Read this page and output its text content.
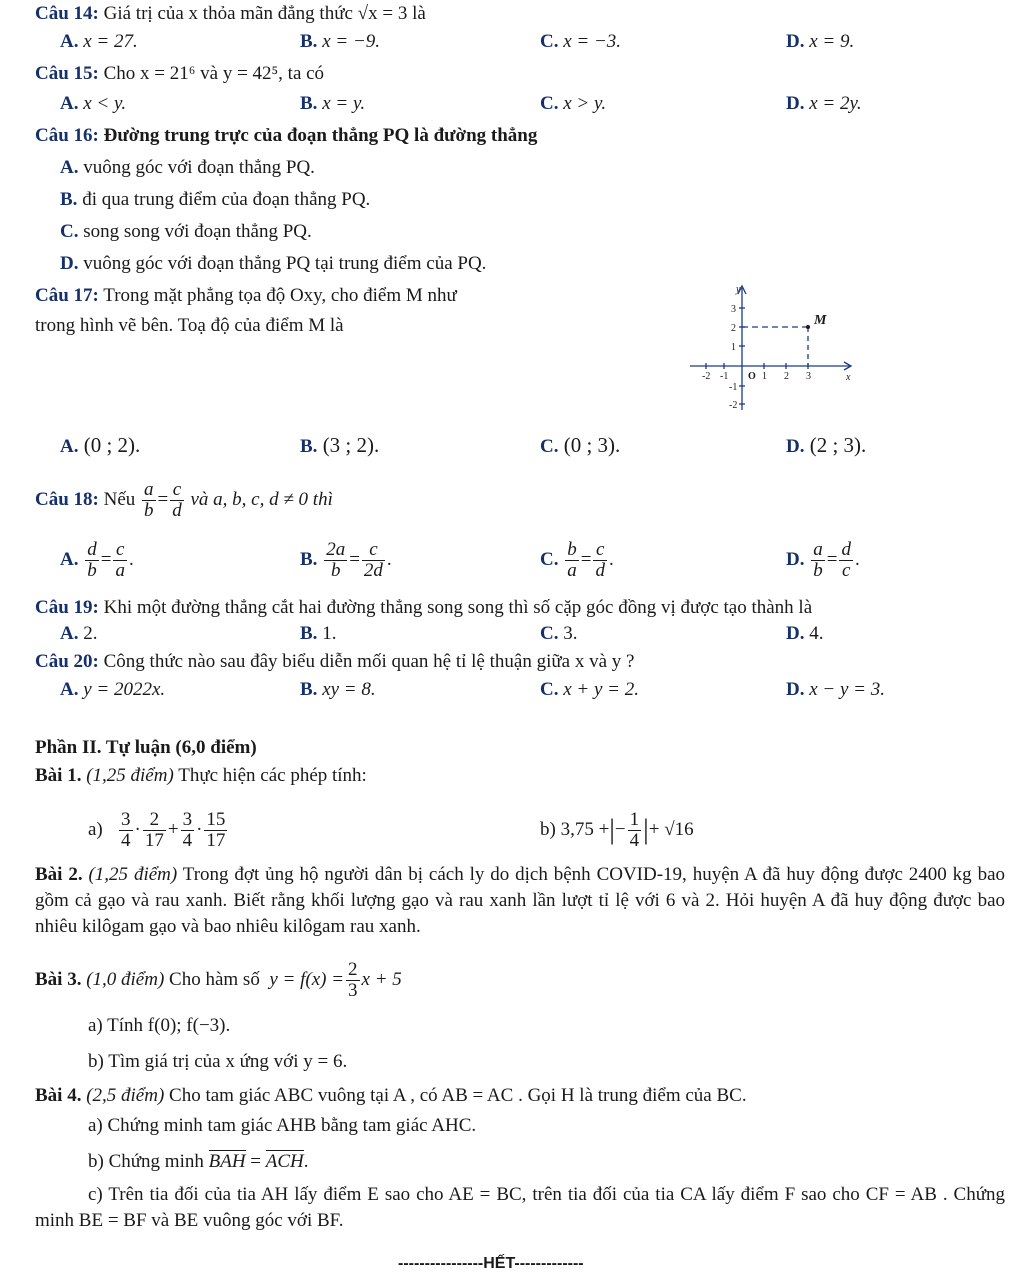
Câu 14: Giá trị của x thỏa mãn đẳng thức √x = 3 là
A. x = 27.	B. x = −9.	C. x = −3.	D. x = 9.
Câu 15: Cho x = 21⁶ và y = 42⁵, ta có
A. x < y.	B. x = y.	C. x > y.	D. x = 2y.
Câu 16: Đường trung trực của đoạn thẳng PQ là đường thẳng
A. vuông góc với đoạn thẳng PQ.
B. đi qua trung điểm của đoạn thẳng PQ.
C. song song với đoạn thẳng PQ.
D. vuông góc với đoạn thẳng PQ tại trung điểm của PQ.
Câu 17: Trong mặt phẳng tọa độ Oxy, cho điểm M như
trong hình vẽ bên. Toạ độ của điểm M là
y
x
M
O
-2 -1	1 2 3
3
2
1
-1
-2
A. (0 ; 2).	B. (3 ; 2).	C. (0 ; 3).	D. (2 ; 3).
Câu 18: Nếu $\frac{a}{b} = \frac{c}{d}$ và a, b, c, d ≠ 0 thì
A. $\frac{d}{b} = \frac{c}{a}$ .	B. $\frac{2a}{b} = \frac{c}{2d}$ .	C. $\frac{b}{a} = \frac{c}{d}$ .	D. $\frac{a}{b} = \frac{d}{c}$ .
Câu 19: Khi một đường thẳng cắt hai đường thẳng song song thì số cặp góc đồng vị được tạo thành là
A. 2.	B. 1.	C. 3.	D. 4.
Câu 20: Công thức nào sau đây biểu diễn mối quan hệ tỉ lệ thuận giữa x và y ?
A. y = 2022x.	B. xy = 8.	C. x + y = 2.	D. x − y = 3.
Phần II. Tự luận (6,0 điểm)
Bài 1. (1,25 điểm) Thực hiện các phép tính:
$a) \frac{3}{4} \cdot \frac{2}{17} + \frac{3}{4} \cdot \frac{15}{17}$	b) 3,75 +|− $\frac{1}{4}$ |+ √16
Bài 2. (1,25 điểm) Trong đợt ủng hộ người dân bị cách ly do dịch bệnh COVID-19, huyện A đã huy động được 2400 kg bao gồm cả gạo và rau xanh. Biết rằng khối lượng gạo và rau xanh lần lượt tỉ lệ với 6 và 2. Hỏi huyện A đã huy động được bao nhiêu kilôgam gạo và bao nhiêu kilôgam rau xanh.
Bài 3. (1,0 điểm) Cho hàm số $y = f(x) = \frac{2}{3}$ x + 5
a) Tính f(0); f(−3).
b) Tìm giá trị của x ứng với y = 6.
Bài 4. (2,5 điểm) Cho tam giác ABC vuông tại A , có AB = AC . Gọi H là trung điểm của BC.
a) Chứng minh tam giác AHB bằng tam giác AHC.
b) Chứng minh BAH = ACH.
c) Trên tia đối của tia AH lấy điểm E sao cho AE = BC, trên tia đối của tia CA lấy điểm F sao cho CF = AB . Chứng minh BE = BF và BE vuông góc với BF.
----------------HẾT-------------
